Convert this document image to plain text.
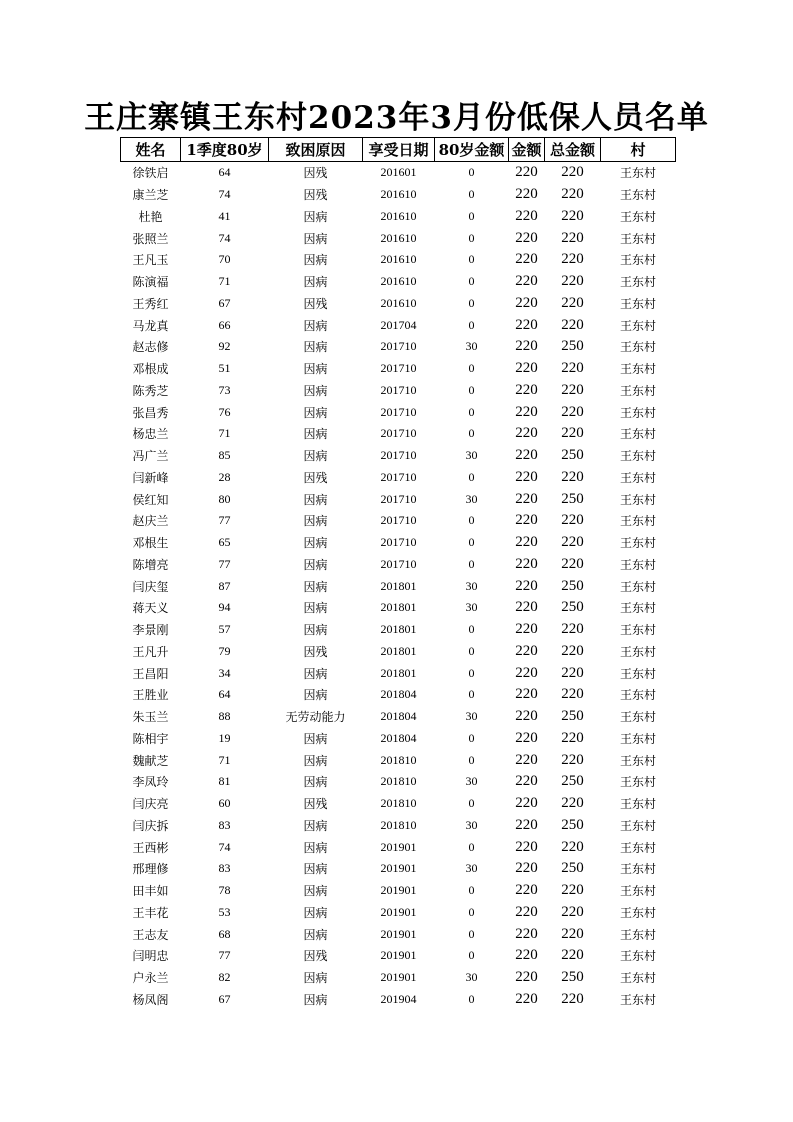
王庄寨镇王东村2023年3月份低保人员名单
姓名	1季度80岁	致困原因	享受日期	80岁金额	金额	总金额	村
徐铁启	64	因残	201601	0	220	220	王东村
康兰芝	74	因残	201610	0	220	220	王东村
杜艳	41	因病	201610	0	220	220	王东村
张照兰	74	因病	201610	0	220	220	王东村
王凡玉	70	因病	201610	0	220	220	王东村
陈演福	71	因病	201610	0	220	220	王东村
王秀红	67	因残	201610	0	220	220	王东村
马龙真	66	因病	201704	0	220	220	王东村
赵志修	92	因病	201710	30	220	250	王东村
邓根成	51	因病	201710	0	220	220	王东村
陈秀芝	73	因病	201710	0	220	220	王东村
张昌秀	76	因病	201710	0	220	220	王东村
杨忠兰	71	因病	201710	0	220	220	王东村
冯广兰	85	因病	201710	30	220	250	王东村
闫新峰	28	因残	201710	0	220	220	王东村
侯红知	80	因病	201710	30	220	250	王东村
赵庆兰	77	因病	201710	0	220	220	王东村
邓根生	65	因病	201710	0	220	220	王东村
陈增亮	77	因病	201710	0	220	220	王东村
闫庆玺	87	因病	201801	30	220	250	王东村
蒋天义	94	因病	201801	30	220	250	王东村
李景刚	57	因病	201801	0	220	220	王东村
王凡升	79	因残	201801	0	220	220	王东村
王昌阳	34	因病	201801	0	220	220	王东村
王胜业	64	因病	201804	0	220	220	王东村
朱玉兰	88	无劳动能力	201804	30	220	250	王东村
陈相宇	19	因病	201804	0	220	220	王东村
魏献芝	71	因病	201810	0	220	220	王东村
李凤玲	81	因病	201810	30	220	250	王东村
闫庆亮	60	因残	201810	0	220	220	王东村
闫庆拆	83	因病	201810	30	220	250	王东村
王西彬	74	因病	201901	0	220	220	王东村
邢理修	83	因病	201901	30	220	250	王东村
田丰如	78	因病	201901	0	220	220	王东村
王丰花	53	因病	201901	0	220	220	王东村
王志友	68	因病	201901	0	220	220	王东村
闫明忠	77	因残	201901	0	220	220	王东村
户永兰	82	因病	201901	30	220	250	王东村
杨凤阁	67	因病	201904	0	220	220	王东村
